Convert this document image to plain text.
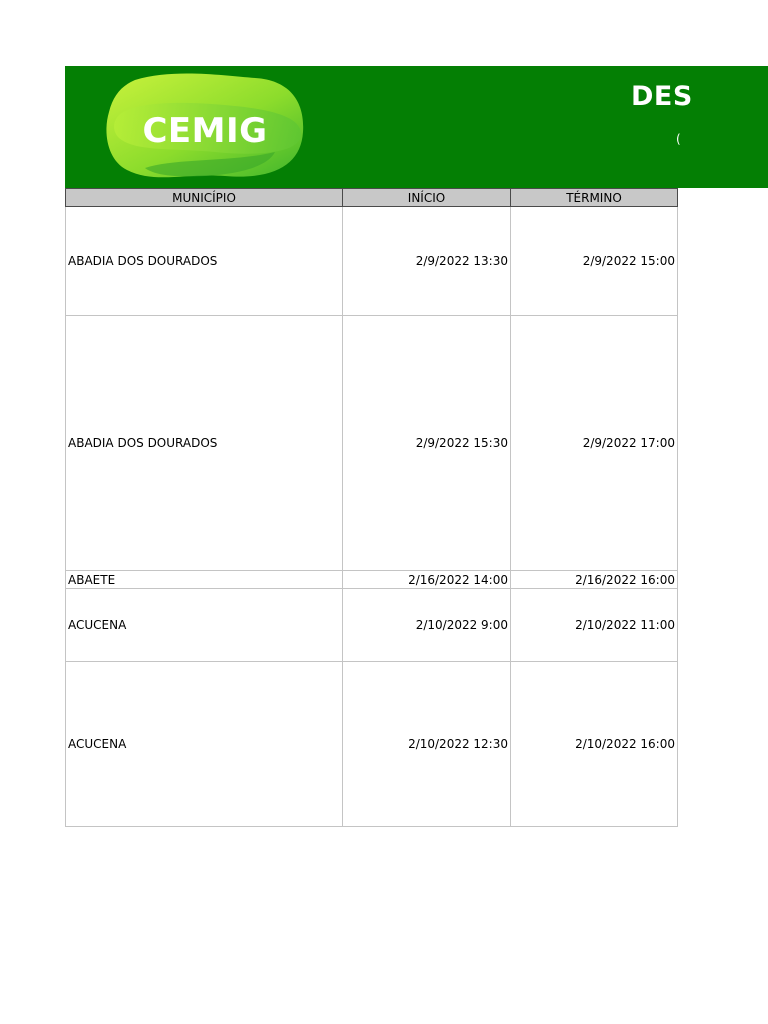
CEMIG
DES
(
MUNICÍPIO	INÍCIO	TÉRMINO
ABADIA DOS DOURADOS	2/9/2022 13:30	2/9/2022 15:00
ABADIA DOS DOURADOS	2/9/2022 15:30	2/9/2022 17:00
ABAETE	2/16/2022 14:00	2/16/2022 16:00
ACUCENA	2/10/2022 9:00	2/10/2022 11:00
ACUCENA	2/10/2022 12:30	2/10/2022 16:00
